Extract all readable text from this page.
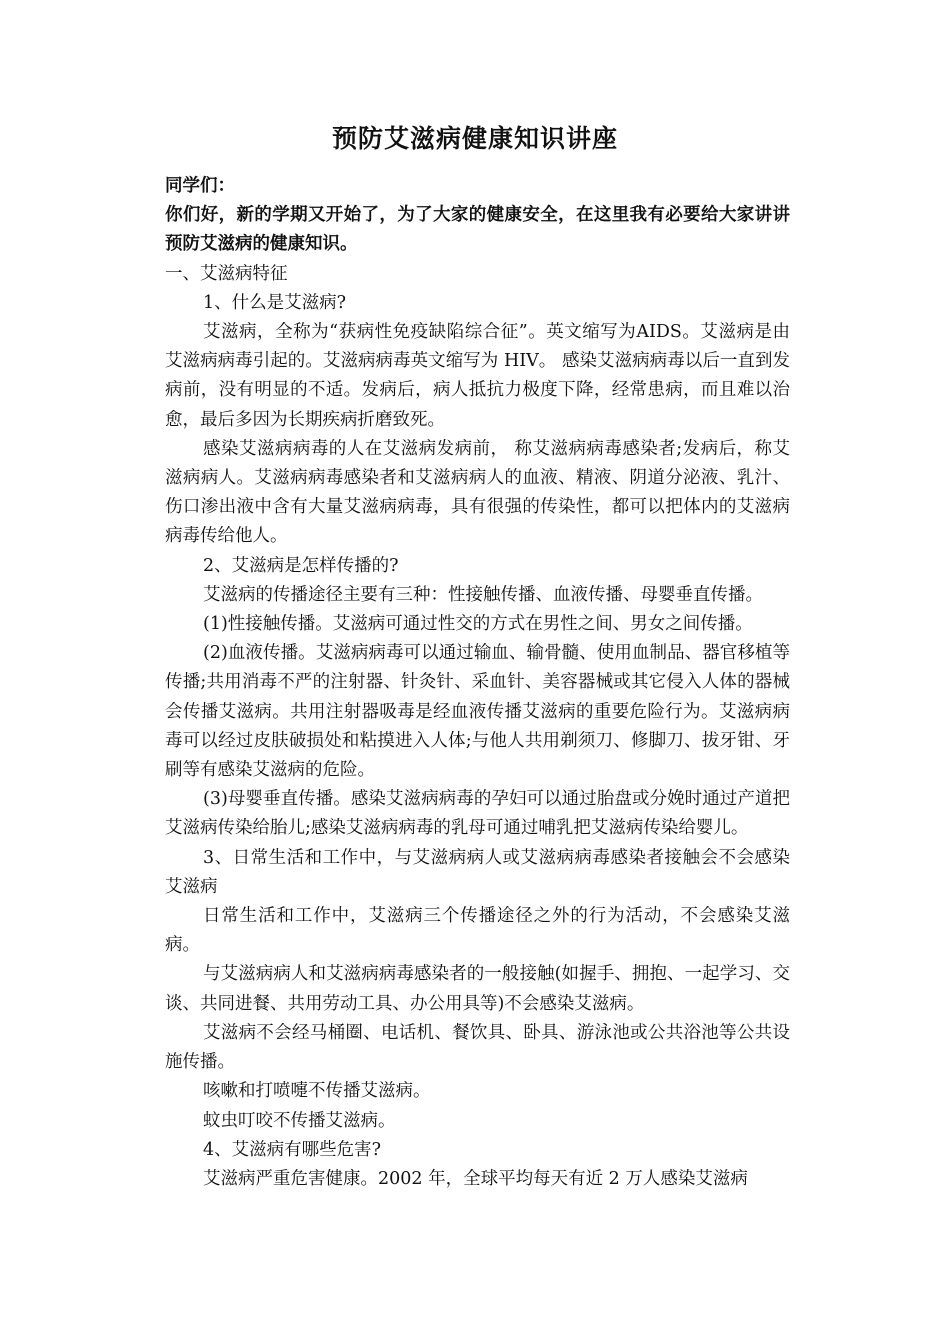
预防艾滋病健康知识讲座

同学们：

你们好，新的学期又开始了，为了大家的健康安全，在这里我有必要给大家讲讲预防艾滋病的健康知识。

一、艾滋病特征

1、什么是艾滋病?

艾滋病，全称为“获病性免疫缺陷综合征”。英文缩写为AIDS。艾滋病是由艾滋病病毒引起的。艾滋病病毒英文缩写为 HIV。 感染艾滋病病毒以后一直到发病前，没有明显的不适。发病后，病人抵抗力极度下降，经常患病，而且难以治愈，最后多因为长期疾病折磨致死。

感染艾滋病病毒的人在艾滋病发病前， 称艾滋病病毒感染者;发病后，称艾滋病病人。艾滋病病毒感染者和艾滋病病人的血液、精液、阴道分泌液、乳汁、伤口渗出液中含有大量艾滋病病毒，具有很强的传染性，都可以把体内的艾滋病病毒传给他人。

2、艾滋病是怎样传播的?

艾滋病的传播途径主要有三种：性接触传播、血液传播、母婴垂直传播。

(1)性接触传播。艾滋病可通过性交的方式在男性之间、男女之间传播。

(2)血液传播。艾滋病病毒可以通过输血、输骨髓、使用血制品、器官移植等传播;共用消毒不严的注射器、针灸针、采血针、美容器械或其它侵入人体的器械会传播艾滋病。共用注射器吸毒是经血液传播艾滋病的重要危险行为。艾滋病病毒可以经过皮肤破损处和粘摸进入人体;与他人共用剃须刀、修脚刀、拔牙钳、牙刷等有感染艾滋病的危险。

(3)母婴垂直传播。感染艾滋病病毒的孕妇可以通过胎盘或分娩时通过产道把艾滋病传染给胎儿;感染艾滋病病毒的乳母可通过哺乳把艾滋病传染给婴儿。

3、日常生活和工作中，与艾滋病病人或艾滋病病毒感染者接触会不会感染艾滋病

日常生活和工作中，艾滋病三个传播途径之外的行为活动，不会感染艾滋病。

与艾滋病病人和艾滋病病毒感染者的一般接触(如握手、拥抱、一起学习、交谈、共同进餐、共用劳动工具、办公用具等)不会感染艾滋病。

艾滋病不会经马桶圈、电话机、餐饮具、卧具、游泳池或公共浴池等公共设施传播。

咳嗽和打喷嚏不传播艾滋病。

蚊虫叮咬不传播艾滋病。

4、艾滋病有哪些危害?

艾滋病严重危害健康。2002 年，全球平均每天有近 2 万人感染艾滋病
